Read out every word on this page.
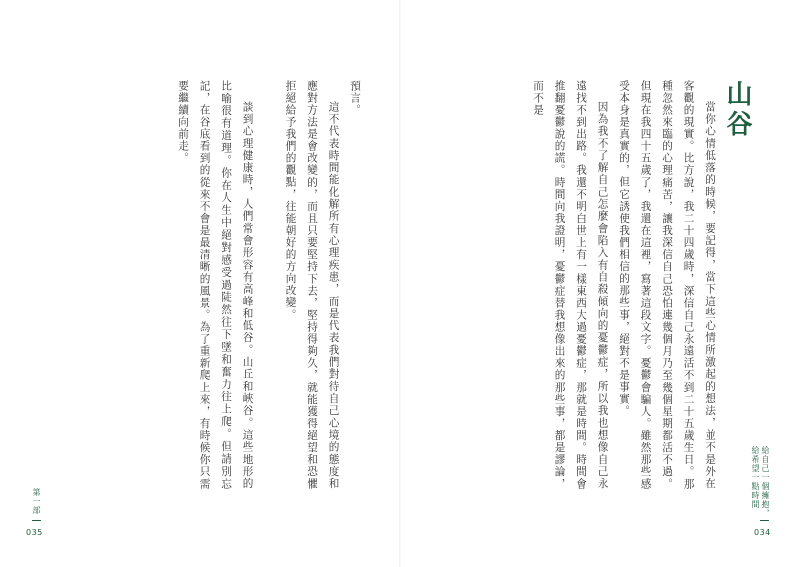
山谷

當你心情低落的時候，要記得，當下這些心情所激起的想法，並不是外在客觀的現實。比方說，我二十四歲時，深信自己永遠活不到二十五歲生日。那種忽然來臨的心理痛苦，讓我深信自己恐怕連幾個月乃至幾個星期都活不過。但現在我四十五歲了，我還在這裡，寫著這段文字。憂鬱會騙人。雖然那些感受本身是真實的，但它誘使我們相信的那些事，絕對不是事實。

因為我不了解自己怎麼會陷入有自殺傾向的憂鬱症，所以我也想像自己永遠找不到出路。我還不明白世上有一樣東西大過憂鬱症，那就是時間。時間會推翻憂鬱說的謊。時間向我證明，憂鬱症替我想像出來的那些事，都是謬論，而不是

給自己一個擁抱，
給希望一點時間
034

預言。

這不代表時間能化解所有心理疾患，而是代表我們對待自己心境的態度和應對方法是會改變的，而且只要堅持下去，堅持得夠久，就能獲得絕望和恐懼拒絕給予我們的觀點，往能朝好的方向改變。

談到心理健康時，人們常會形容有高峰和低谷。山丘和峽谷。這些地形的比喻很有道理。你在人生中絕對感受過陡然往下墜和奮力往上爬。但請別忘記，在谷底看到的從來不會是最清晰的風景。為了重新爬上來，有時候你只需要繼續向前走。

第一部
035
